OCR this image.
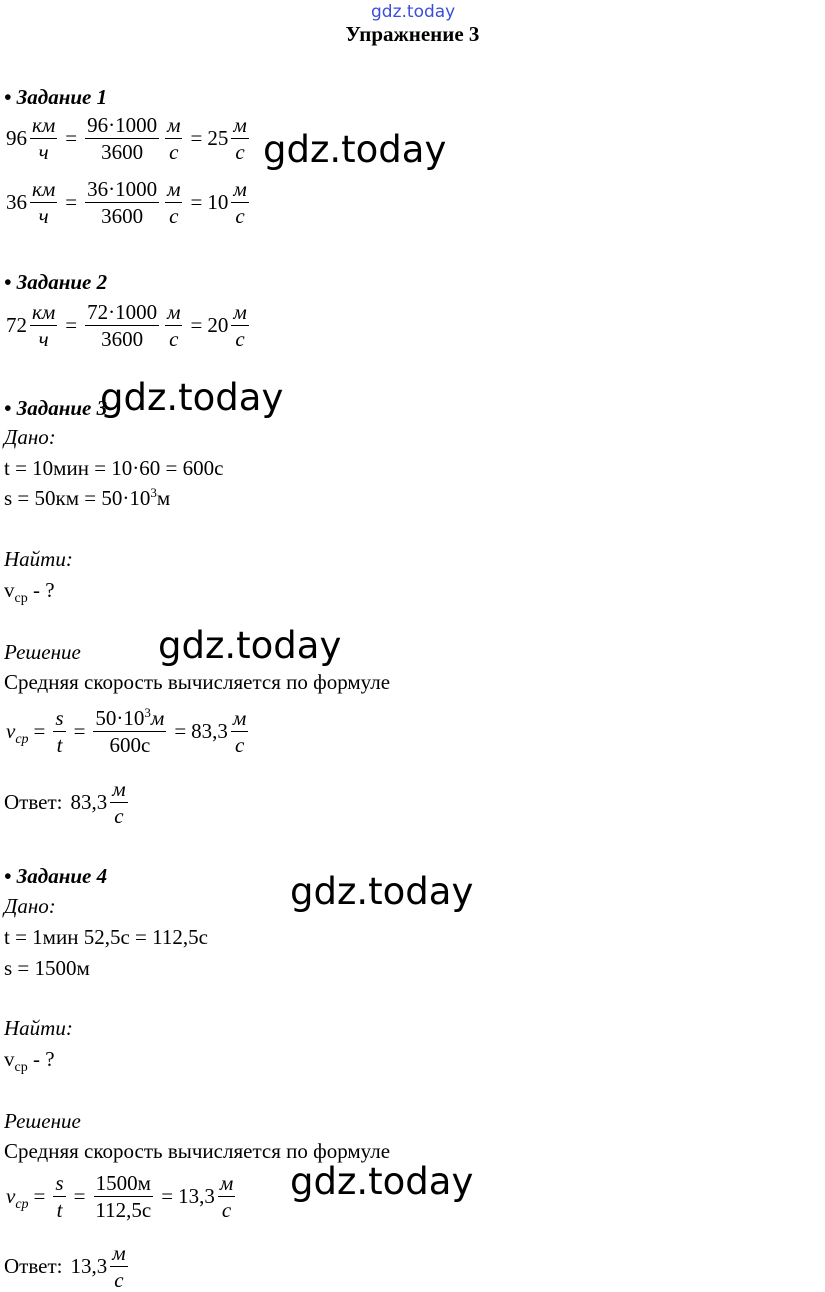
gdz.today
Упражнение 3
• Задание 1
$96 \frac{км}{ч} = \frac{96\cdot 1000}{3600} \frac{м}{с} = 25 \frac{м}{с}$
$36 \frac{км}{ч} = \frac{36\cdot 1000}{3600} \frac{м}{с} = 10 \frac{м}{с}$
gdz.today
• Задание 2
$72 \frac{км}{ч} = \frac{72\cdot 1000}{3600} \frac{м}{с} = 20 \frac{м}{с}$
• Задание 3
gdz.today
Дано:
t = 10мин = 10·60 = 600с
$s = 50км = 50\cdot 10^3м$
Найти:
$v_{ср}$ - ?
Решение gdz.today
Средняя скорость вычисляется по формуле
$v_{ср} = \frac{s}{t} = \frac{50\cdot 10^3м}{600с} = 83,3 \frac{м}{с}$
Ответ: $83,3 \frac{м}{с}$
• Задание 4	gdz.today
Дано:
t = 1мин 52,5с = 112,5с
s = 1500м
Найти:
$v_{ср}$ - ?
Решение
Средняя скорость вычисляется по формуле
$v_{ср} = \frac{s}{t} = \frac{1500м}{112,5с} = 13,3 \frac{м}{с}$ gdz.today
Ответ: $13,3 \frac{м}{с}$
